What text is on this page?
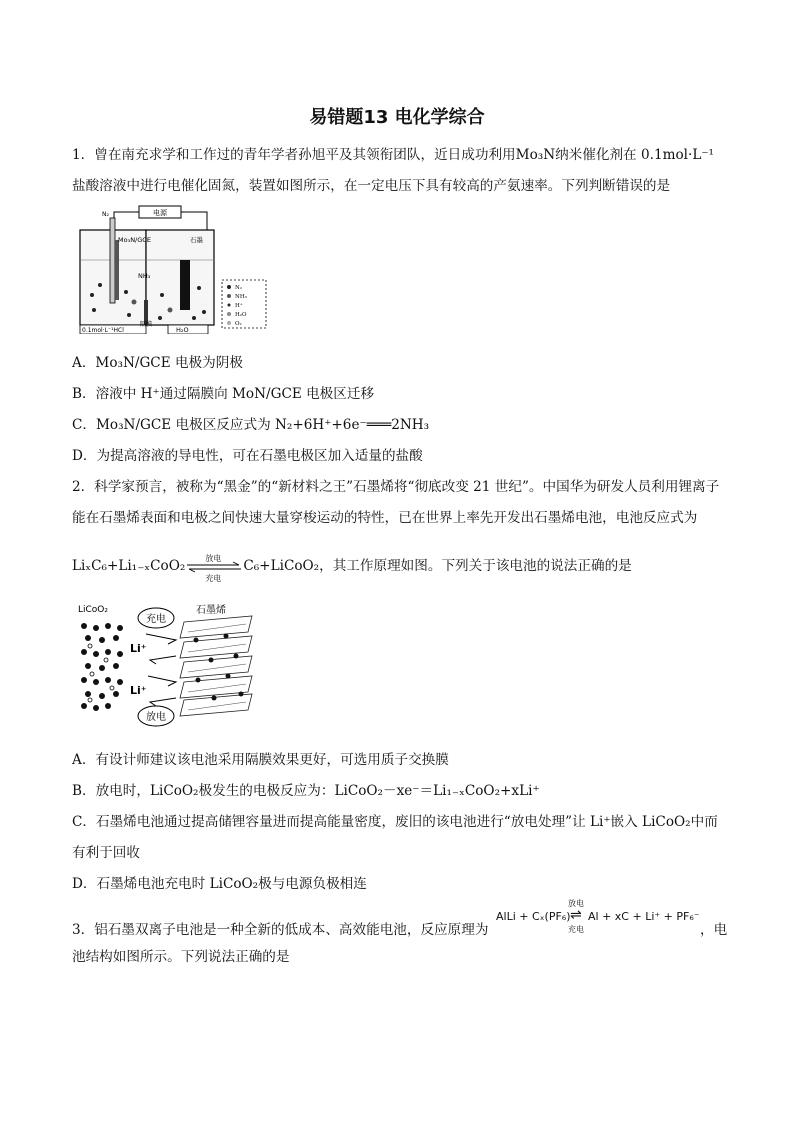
易错题13 电化学综合
1．曾在南充求学和工作过的青年学者孙旭平及其领衔团队，近日成功利用Mo₃N纳米催化剂在 0.1mol·L⁻¹
盐酸溶液中进行电催化固氮，装置如图所示，在一定电压下具有较高的产氨速率。下列判断错误的是
电源
N₂
Mo₃N/GCE
NH₃
石墨
0.1mol·L⁻¹HCl
隔膜
H₂O
N₂
NH₃
H⁺
H₂O
O₂
A．Mo₃N/GCE 电极为阴极
B．溶液中 H⁺通过隔膜向 MoN/GCE 电极区迁移
C．Mo₃N/GCE 电极区反应式为 N₂+6H⁺+6e⁻═══2NH₃
D．为提高溶液的导电性，可在石墨电极区加入适量的盐酸
2．科学家预言，被称为“黑金”的“新材料之王”石墨烯将“彻底改变 21 世纪”。中国华为研发人员利用锂离子
能在石墨烯表面和电极之间快速大量穿梭运动的特性，已在世界上率先开发出石墨烯电池，电池反应式为
LiₓC₆+Li₁₋ₓCoO₂	放电
充电
C₆+LiCoO₂，其工作原理如图。下列关于该电池的说法正确的是
LiCoO₂	石墨烯
充电
放电
Li⁺
Li⁺
A．有设计师建议该电池采用隔膜效果更好，可选用质子交换膜
B．放电时，LiCoO₂极发生的电极反应为：LiCoO₂－xe⁻＝Li₁₋ₓCoO₂+xLi⁺
C．石墨烯电池通过提高储锂容量进而提高能量密度，废旧的该电池进行“放电处理”让 Li⁺嵌入 LiCoO₂中而
有利于回收
D．石墨烯电池充电时 LiCoO₂极与电源负极相连
3．铝石墨双离子电池是一种全新的低成本、高效能电池，反应原理为
AlLi + Cₓ(PF₆)
放电
⇌
充电
Al + xC + Li⁺ + PF₆⁻
，电
池结构如图所示。下列说法正确的是
